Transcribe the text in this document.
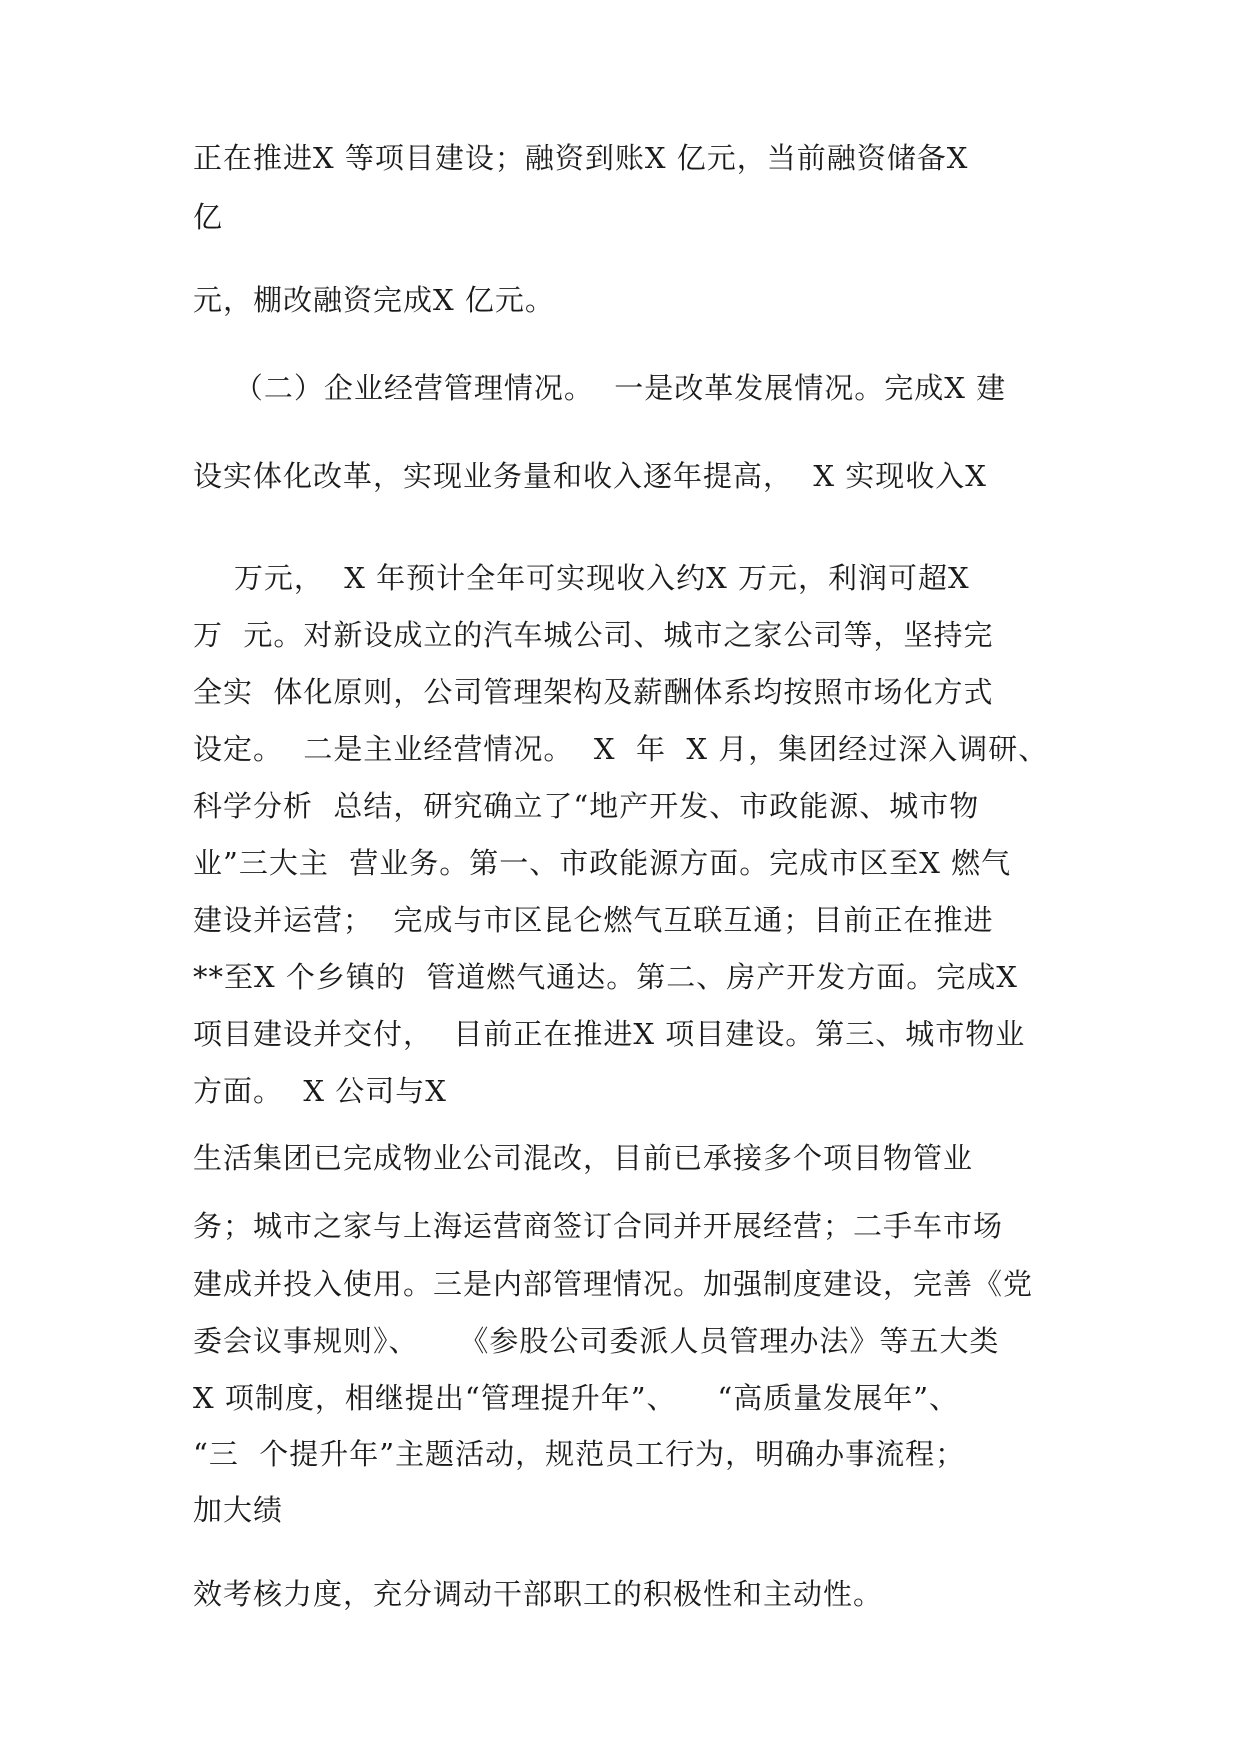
正在推进X 等项目建设；融资到账X 亿元，当前融资储备X

亿

元，棚改融资完成X 亿元。

（二）企业经营管理情况。  一是改革发展情况。完成X 建

设实体化改革，实现业务量和收入逐年提高，  X 实现收入X

万元，  X 年预计全年可实现收入约X 万元，利润可超X

万  元。对新设成立的汽车城公司、城市之家公司等，坚持完

全实  体化原则，公司管理架构及薪酬体系均按照市场化方式

设定。  二是主业经营情况。  X  年  X 月，集团经过深入调研、

科学分析  总结，研究确立了“地产开发、市政能源、城市物

业”三大主  营业务。第一、市政能源方面。完成市区至X 燃气

建设并运营；  完成与市区昆仑燃气互联互通；目前正在推进

**至X 个乡镇的  管道燃气通达。第二、房产开发方面。完成X

项目建设并交付，  目前正在推进X 项目建设。第三、城市物业

方面。  X 公司与X

生活集团已完成物业公司混改，目前已承接多个项目物管业

务；城市之家与上海运营商签订合同并开展经营；二手车市场

建成并投入使用。三是内部管理情况。加强制度建设，完善《党

委会议事规则》、    《参股公司委派人员管理办法》等五大类

X 项制度，相继提出“管理提升年”、    “高质量发展年”、

“三  个提升年”主题活动，规范员工行为，明确办事流程；

加大绩

效考核力度，充分调动干部职工的积极性和主动性。
